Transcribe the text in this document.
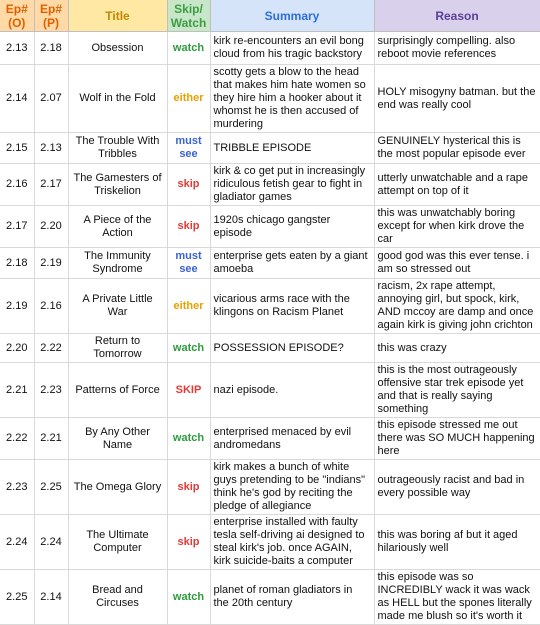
Ep# (O)	Ep# (P)	Title	Skip/ Watch	Summary	Reason
2.13	2.18	Obsession	watch	kirk re-encounters an evil bong cloud from his tragic backstory	surprisingly compelling. also reboot movie references
2.14	2.07	Wolf in the Fold	either	scotty gets a blow to the head that makes him hate women so they hire him a hooker about it whomst he is then accused of murdering	HOLY misogyny batman. but the end was really cool
2.15	2.13	The Trouble With Tribbles	must see	TRIBBLE EPISODE	GENUINELY hysterical this is the most popular episode ever
2.16	2.17	The Gamesters of Triskelion	skip	kirk & co get put in increasingly ridiculous fetish gear to fight in gladiator games	utterly unwatchable and a rape attempt on top of it
2.17	2.20	A Piece of the Action	skip	1920s chicago gangster episode	this was unwatchably boring except for when kirk drove the car
2.18	2.19	The Immunity Syndrome	must see	enterprise gets eaten by a giant amoeba	good god was this ever tense. i am so stressed out
2.19	2.16	A Private Little War	either	vicarious arms race with the klingons on Racism Planet	racism, 2x rape attempt, annoying girl, but spock, kirk, AND mccoy are damp and once again kirk is giving john crichton
2.20	2.22	Return to Tomorrow	watch	POSSESSION EPISODE?	this was crazy
2.21	2.23	Patterns of Force	SKIP	nazi episode.	this is the most outrageously offensive star trek episode yet and that is really saying something
2.22	2.21	By Any Other Name	watch	enterprised menaced by evil andromedans	this episode stressed me out there was SO MUCH happening here
2.23	2.25	The Omega Glory	skip	kirk makes a bunch of white guys pretending to be "indians" think he's god by reciting the pledge of allegiance	outrageously racist and bad in every possible way
2.24	2.24	The Ultimate Computer	skip	enterprise installed with faulty tesla self-driving ai designed to steal kirk's job. once AGAIN, kirk suicide-baits a computer	this was boring af but it aged hilariously well
2.25	2.14	Bread and Circuses	watch	planet of roman gladiators in the 20th century	this episode was so INCREDIBLY wack it was wack as HELL but the spones literally made me blush so it's worth it
